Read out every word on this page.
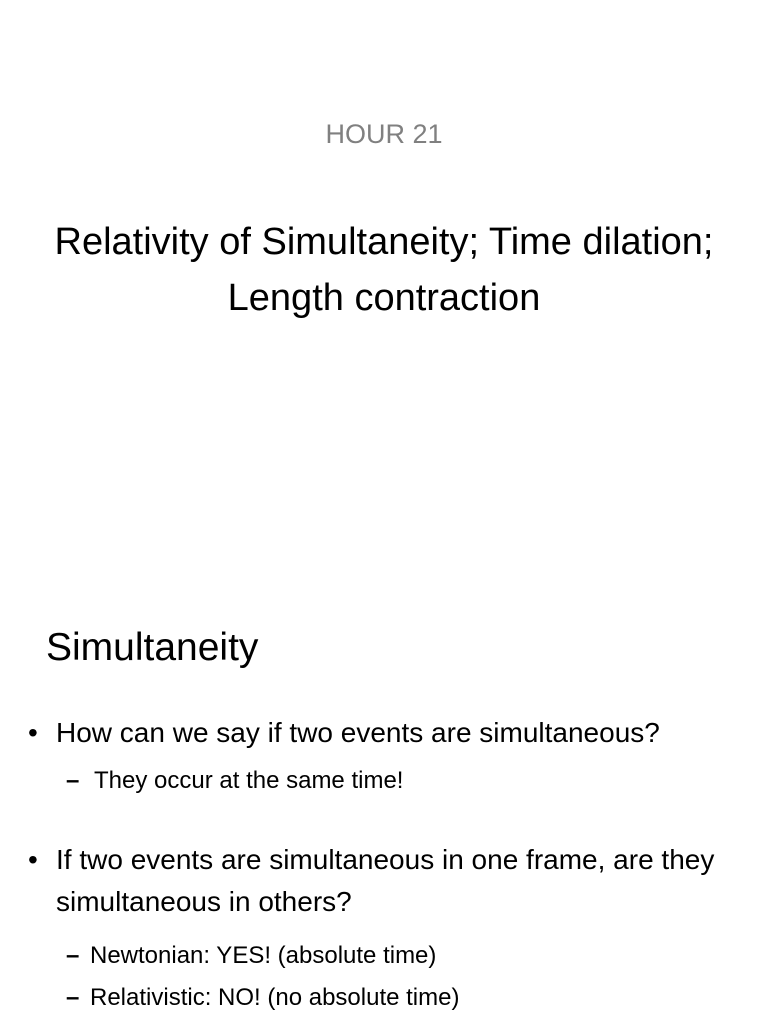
HOUR 21
Relativity of Simultaneity; Time dilation; Length contraction
Simultaneity
• How can we say if two events are simultaneous?
– They occur at the same time!
• If two events are simultaneous in one frame, are they simultaneous in others?
– Newtonian: YES! (absolute time)
– Relativistic: NO! (no absolute time)
